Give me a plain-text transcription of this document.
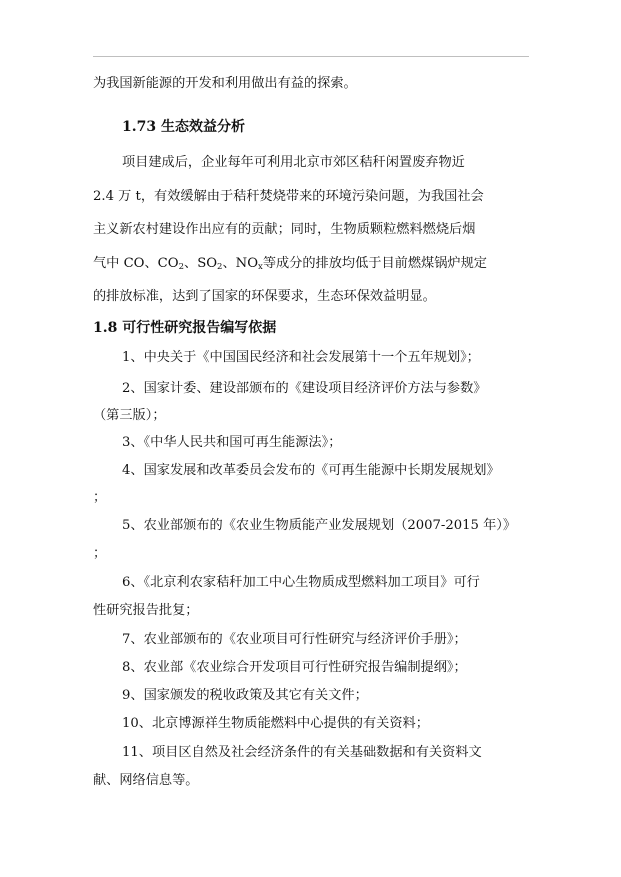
为我国新能源的开发和利用做出有益的探索。
1.73 生态效益分析
项目建成后，企业每年可利用北京市郊区秸秆闲置废弃物近
2.4 万 t，有效缓解由于秸秆焚烧带来的环境污染问题，为我国社会
主义新农村建设作出应有的贡献；同时，生物质颗粒燃料燃烧后烟
气中 CO、$CO_2$、$SO_2$、$NO_x$等成分的排放均低于目前燃煤锅炉规定
的排放标准，达到了国家的环保要求，生态环保效益明显。
1.8 可行性研究报告编写依据
1、中央关于《中国国民经济和社会发展第十一个五年规划》；
2、国家计委、建设部颁布的《建设项目经济评价方法与参数》
（第三版）；
3、《中华人民共和国可再生能源法》；
4、国家发展和改革委员会发布的《可再生能源中长期发展规划》
；
5、农业部颁布的《农业生物质能产业发展规划（2007-2015 年）》
；
6、《北京利农家秸秆加工中心生物质成型燃料加工项目》可行
性研究报告批复；
7、农业部颁布的《农业项目可行性研究与经济评价手册》；
8、农业部《农业综合开发项目可行性研究报告编制提纲》；
9、国家颁发的税收政策及其它有关文件；
10、北京博源祥生物质能燃料中心提供的有关资料；
11、项目区自然及社会经济条件的有关基础数据和有关资料文
献、网络信息等。
